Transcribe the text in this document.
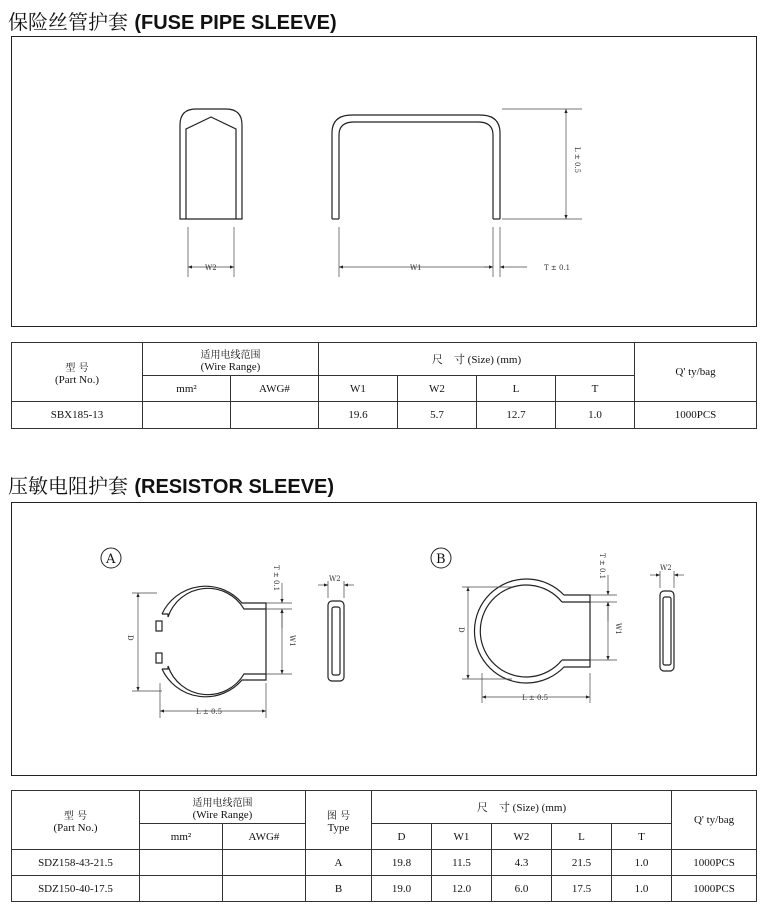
保险丝管护套 (FUSE PIPE SLEEVE)
W2	W1	T ± 0.1
L ± 0.5
型 号
(Part No.)	适用电线范围
(Wire Range)		尺　寸 (Size) (mm)				Q' ty/bag
	mm²	AWG#	W1	W2	L	T	
SBX185-13			19.6	5.7	12.7	1.0	1000PCS
压敏电阻护套 (RESISTOR SLEEVE)
A
D	W1
T ± 0.1
L ± 0.5
W2
B
D	W1
T ± 0.1
L ± 0.5
W2
型 号
(Part No.)	适用电线范围
(Wire Range)		图 号
Type	尺　寸 (Size) (mm)					Q' ty/bag
	mm²	AWG#		D	W1	W2	L	T	
SDZ158-43-21.5			A	19.8	11.5	4.3	21.5	1.0	1000PCS
SDZ150-40-17.5			B	19.0	12.0	6.0	17.5	1.0	1000PCS
